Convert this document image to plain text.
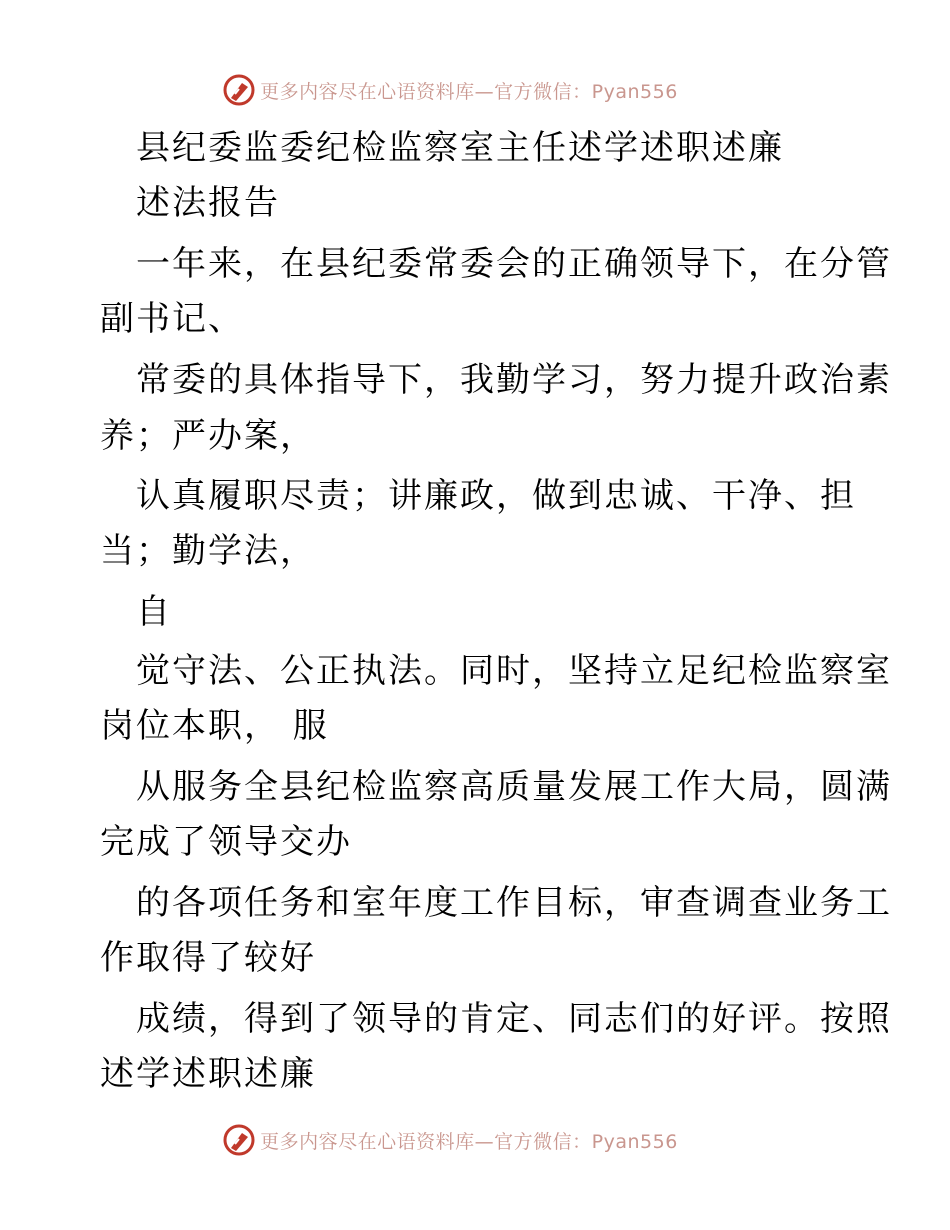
更多内容尽在心语资料库—官方微信：Pyan556
县纪委监委纪检监察室主任述学述职述廉
述法报告
一年来，在县纪委常委会的正确领导下，在分管
副书记、
常委的具体指导下，我勤学习，努力提升政治素
养；严办案，
认真履职尽责；讲廉政，做到忠诚、干净、担
当；勤学法，
自
觉守法、公正执法。同时，坚持立足纪检监察室
岗位本职， 服
从服务全县纪检监察高质量发展工作大局，圆满
完成了领导交办
的各项任务和室年度工作目标，审查调查业务工
作取得了较好
成绩，得到了领导的肯定、同志们的好评。按照
述学述职述廉
更多内容尽在心语资料库—官方微信：Pyan556
